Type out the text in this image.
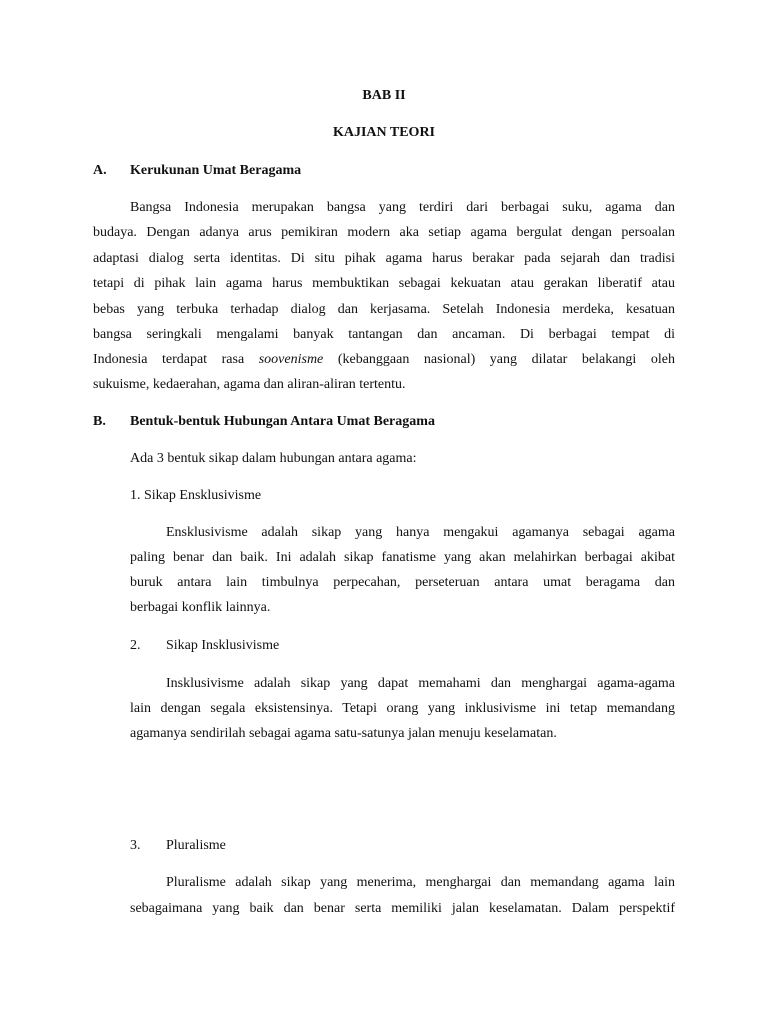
BAB II

KAJIAN TEORI

A. Kerukunan Umat Beragama

Bangsa Indonesia merupakan bangsa yang terdiri dari berbagai suku, agama dan

budaya. Dengan adanya arus pemikiran modern aka setiap agama bergulat dengan persoalan

adaptasi dialog serta identitas. Di situ pihak agama harus berakar pada sejarah dan tradisi

tetapi di pihak lain agama harus membuktikan sebagai kekuatan atau gerakan liberatif atau

bebas yang terbuka terhadap dialog dan kerjasama. Setelah Indonesia merdeka, kesatuan

bangsa seringkali mengalami banyak tantangan dan ancaman. Di berbagai tempat di

Indonesia terdapat rasa soovenisme (kebanggaan nasional) yang dilatar belakangi oleh

sukuisme, kedaerahan, agama dan aliran-aliran tertentu.

B. Bentuk-bentuk Hubungan Antara Umat Beragama

Ada 3 bentuk sikap dalam hubungan antara agama:

1. Sikap Ensklusivisme

Ensklusivisme adalah sikap yang hanya mengakui agamanya sebagai agama

paling benar dan baik. Ini adalah sikap fanatisme yang akan melahirkan berbagai akibat

buruk antara lain timbulnya perpecahan, perseteruan antara umat beragama dan

berbagai konflik lainnya.

2. Sikap Insklusivisme

Insklusivisme adalah sikap yang dapat memahami dan menghargai agama-agama

lain dengan segala eksistensinya. Tetapi orang yang inklusivisme ini tetap memandang

agamanya sendirilah sebagai agama satu-satunya jalan menuju keselamatan.

3. Pluralisme

Pluralisme adalah sikap yang menerima, menghargai dan memandang agama lain

sebagaimana yang baik dan benar serta memiliki jalan keselamatan. Dalam perspektif
